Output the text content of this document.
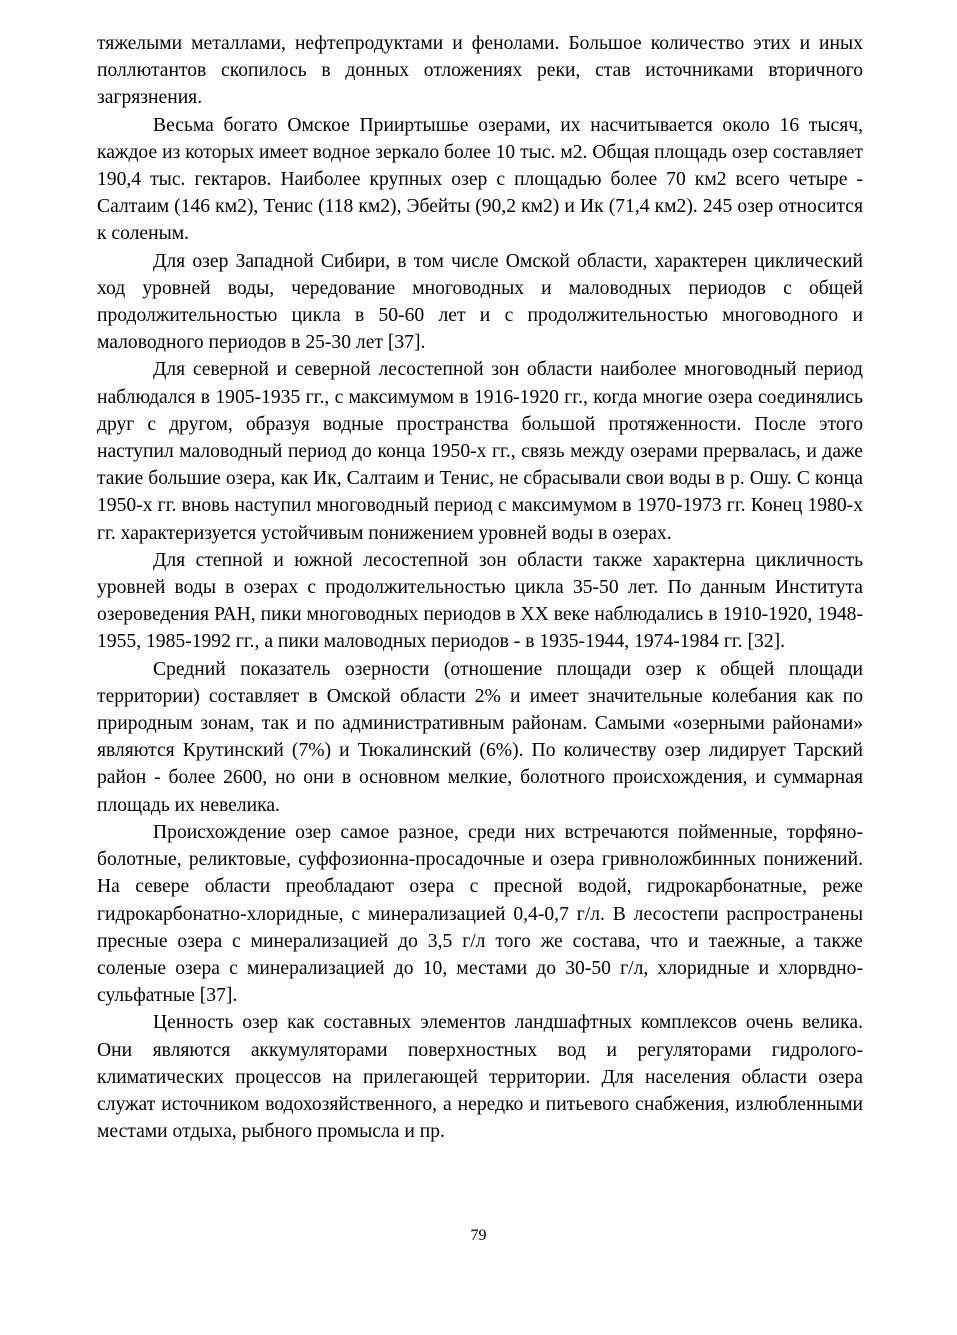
тяжелыми металлами, нефтепродуктами и фенолами. Большое количество этих и иных поллютантов скопилось в донных отложениях реки, став источниками вторичного загрязнения.

Весьма богато Омское Прииртышье озерами, их насчитывается около 16 тысяч, каждое из которых имеет водное зеркало более 10 тыс. м2. Общая площадь озер составляет 190,4 тыс. гектаров. Наиболее крупных озер с площадью более 70 км2 всего четыре - Салтаим (146 км2), Тенис (118 км2), Эбейты (90,2 км2) и Ик (71,4 км2). 245 озер относится к соленым.

Для озер Западной Сибири, в том числе Омской области, характерен циклический ход уровней воды, чередование многоводных и маловодных периодов с общей продолжительностью цикла в 50-60 лет и с продолжительностью многоводного и маловодного периодов в 25-30 лет [37].

Для северной и северной лесостепной зон области наиболее многоводный период наблюдался в 1905-1935 гг., с максимумом в 1916-1920 гг., когда многие озера соединялись друг с другом, образуя водные пространства большой протяженности. После этого наступил маловодный период до конца 1950-х гг., связь между озерами прервалась, и даже такие большие озера, как Ик, Салтаим и Тенис, не сбрасывали свои воды в р. Ошу. С конца 1950-х гг. вновь наступил многоводный период с максимумом в 1970-1973 гг. Конец 1980-х гг. характеризуется устойчивым понижением уровней воды в озерах.

Для степной и южной лесостепной зон области также характерна цикличность уровней воды в озерах с продолжительностью цикла 35-50 лет. По данным Института озероведения РАН, пики многоводных периодов в XX веке наблюдались в 1910-1920, 1948-1955, 1985-1992 гг., а пики маловодных периодов - в 1935-1944, 1974-1984 гг. [32].

Средний показатель озерности (отношение площади озер к общей площади территории) составляет в Омской области 2% и имеет значительные колебания как по природным зонам, так и по административным районам. Самыми «озерными районами» являются Крутинский (7%) и Тюкалинский (6%). По количеству озер лидирует Тарский район - более 2600, но они в основном мелкие, болотного происхождения, и суммарная площадь их невелика.

Происхождение озер самое разное, среди них встречаются пойменные, торфяно-болотные, реликтовые, суффозионна-просадочные и озера гривноложбинных понижений. На севере области преобладают озера с пресной водой, гидрокарбонатные, реже гидрокарбонатно-хлоридные, с минерализацией 0,4-0,7 г/л. В лесостепи распространены пресные озера с минерализацией до 3,5 г/л того же состава, что и таежные, а также соленые озера с минерализацией до 10, местами до 30-50 г/л, хлоридные и хлорвдно-сульфатные [37].

Ценность озер как составных элементов ландшафтных комплексов очень велика. Они являются аккумуляторами поверхностных вод и регуляторами гидролого-климатических процессов на прилегающей территории. Для населения области озера служат источником водохозяйственного, а нередко и питьевого снабжения, излюбленными местами отдыха, рыбного промысла и пр.

79
